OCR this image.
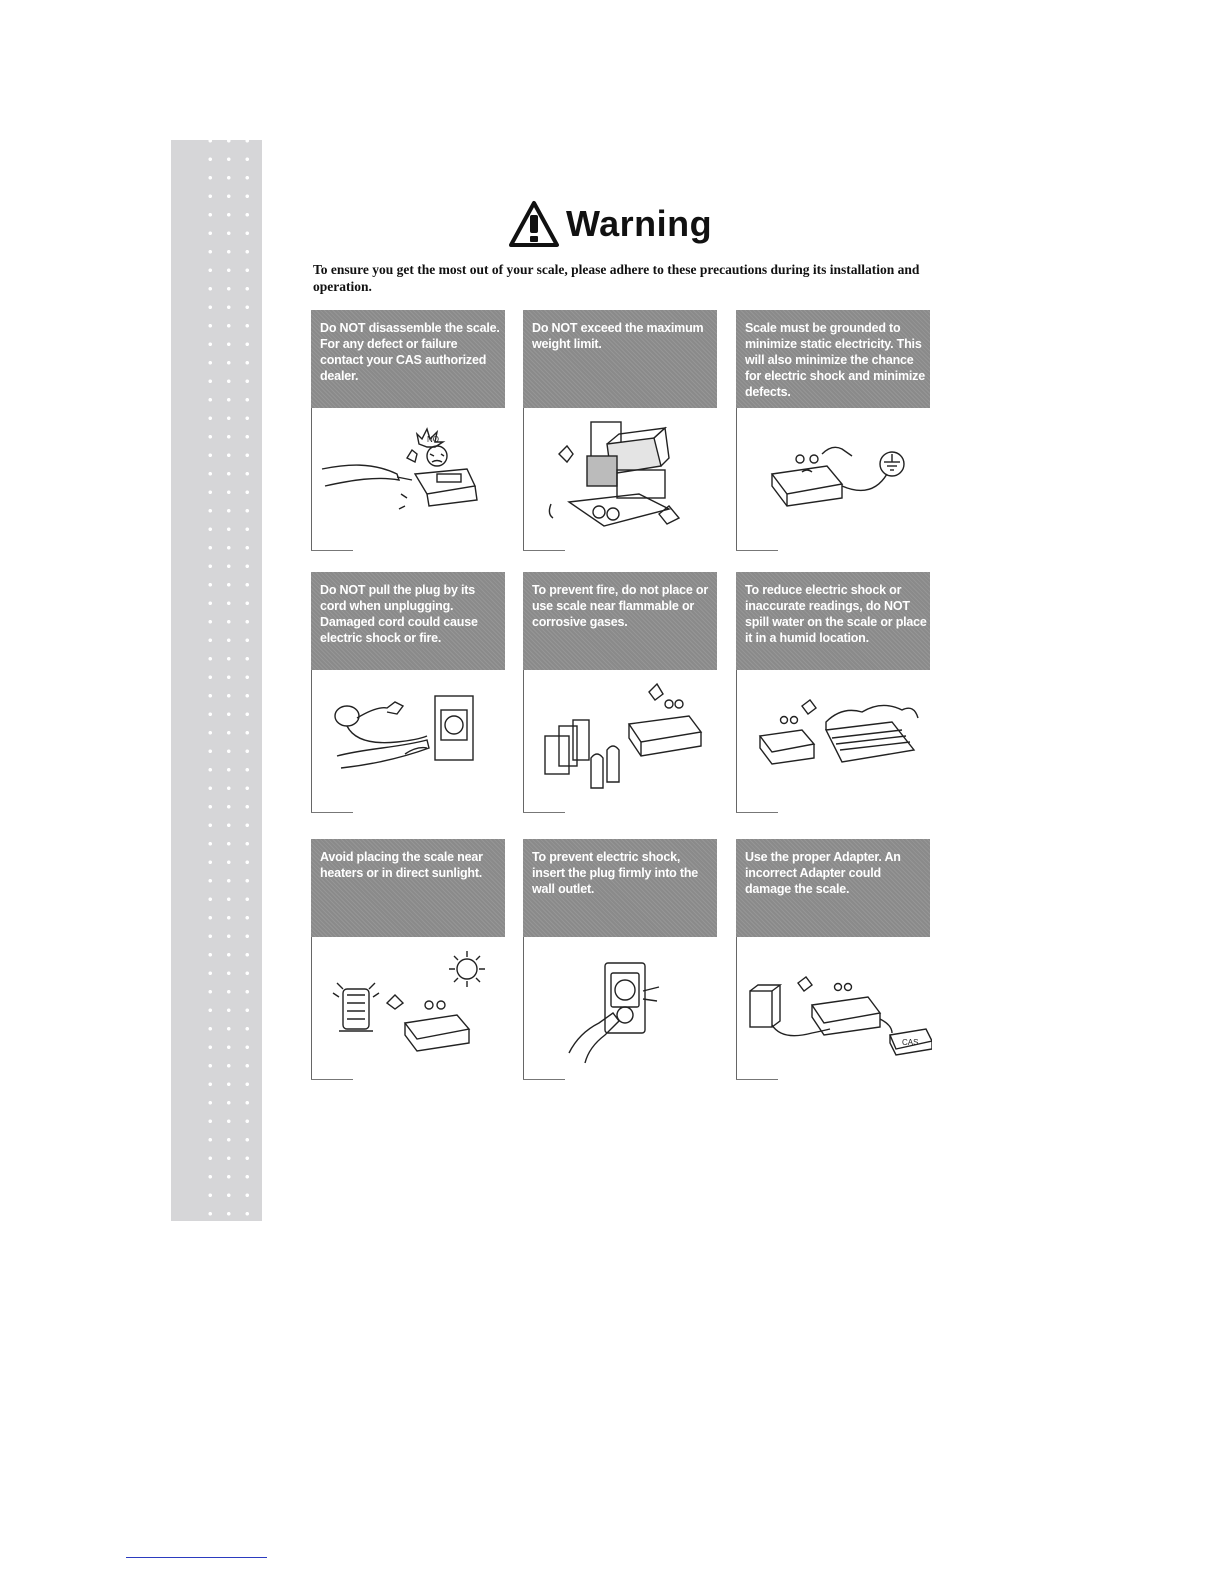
Warning
To ensure you get the most out of your scale, please adhere to these precautions during its installation and operation.
Do NOT disassemble the scale. For any defect or failure contact your CAS authorized dealer.
NO
Do NOT exceed the maximum weight limit.
Scale must be grounded to minimize static electricity. This will also minimize the chance for electric shock and minimize defects.
Do NOT pull the plug by its cord when unplugging. Damaged cord could cause electric shock or fire.
To prevent fire, do not place or use scale near flammable or corrosive gases.
To reduce electric shock or inaccurate readings, do NOT spill water on the scale or place it in a humid location.
Avoid placing the scale near heaters or in direct sunlight.
To prevent electric shock, insert the plug firmly into the wall outlet.
Use the proper Adapter. An incorrect Adapter could damage the scale.
CAS
